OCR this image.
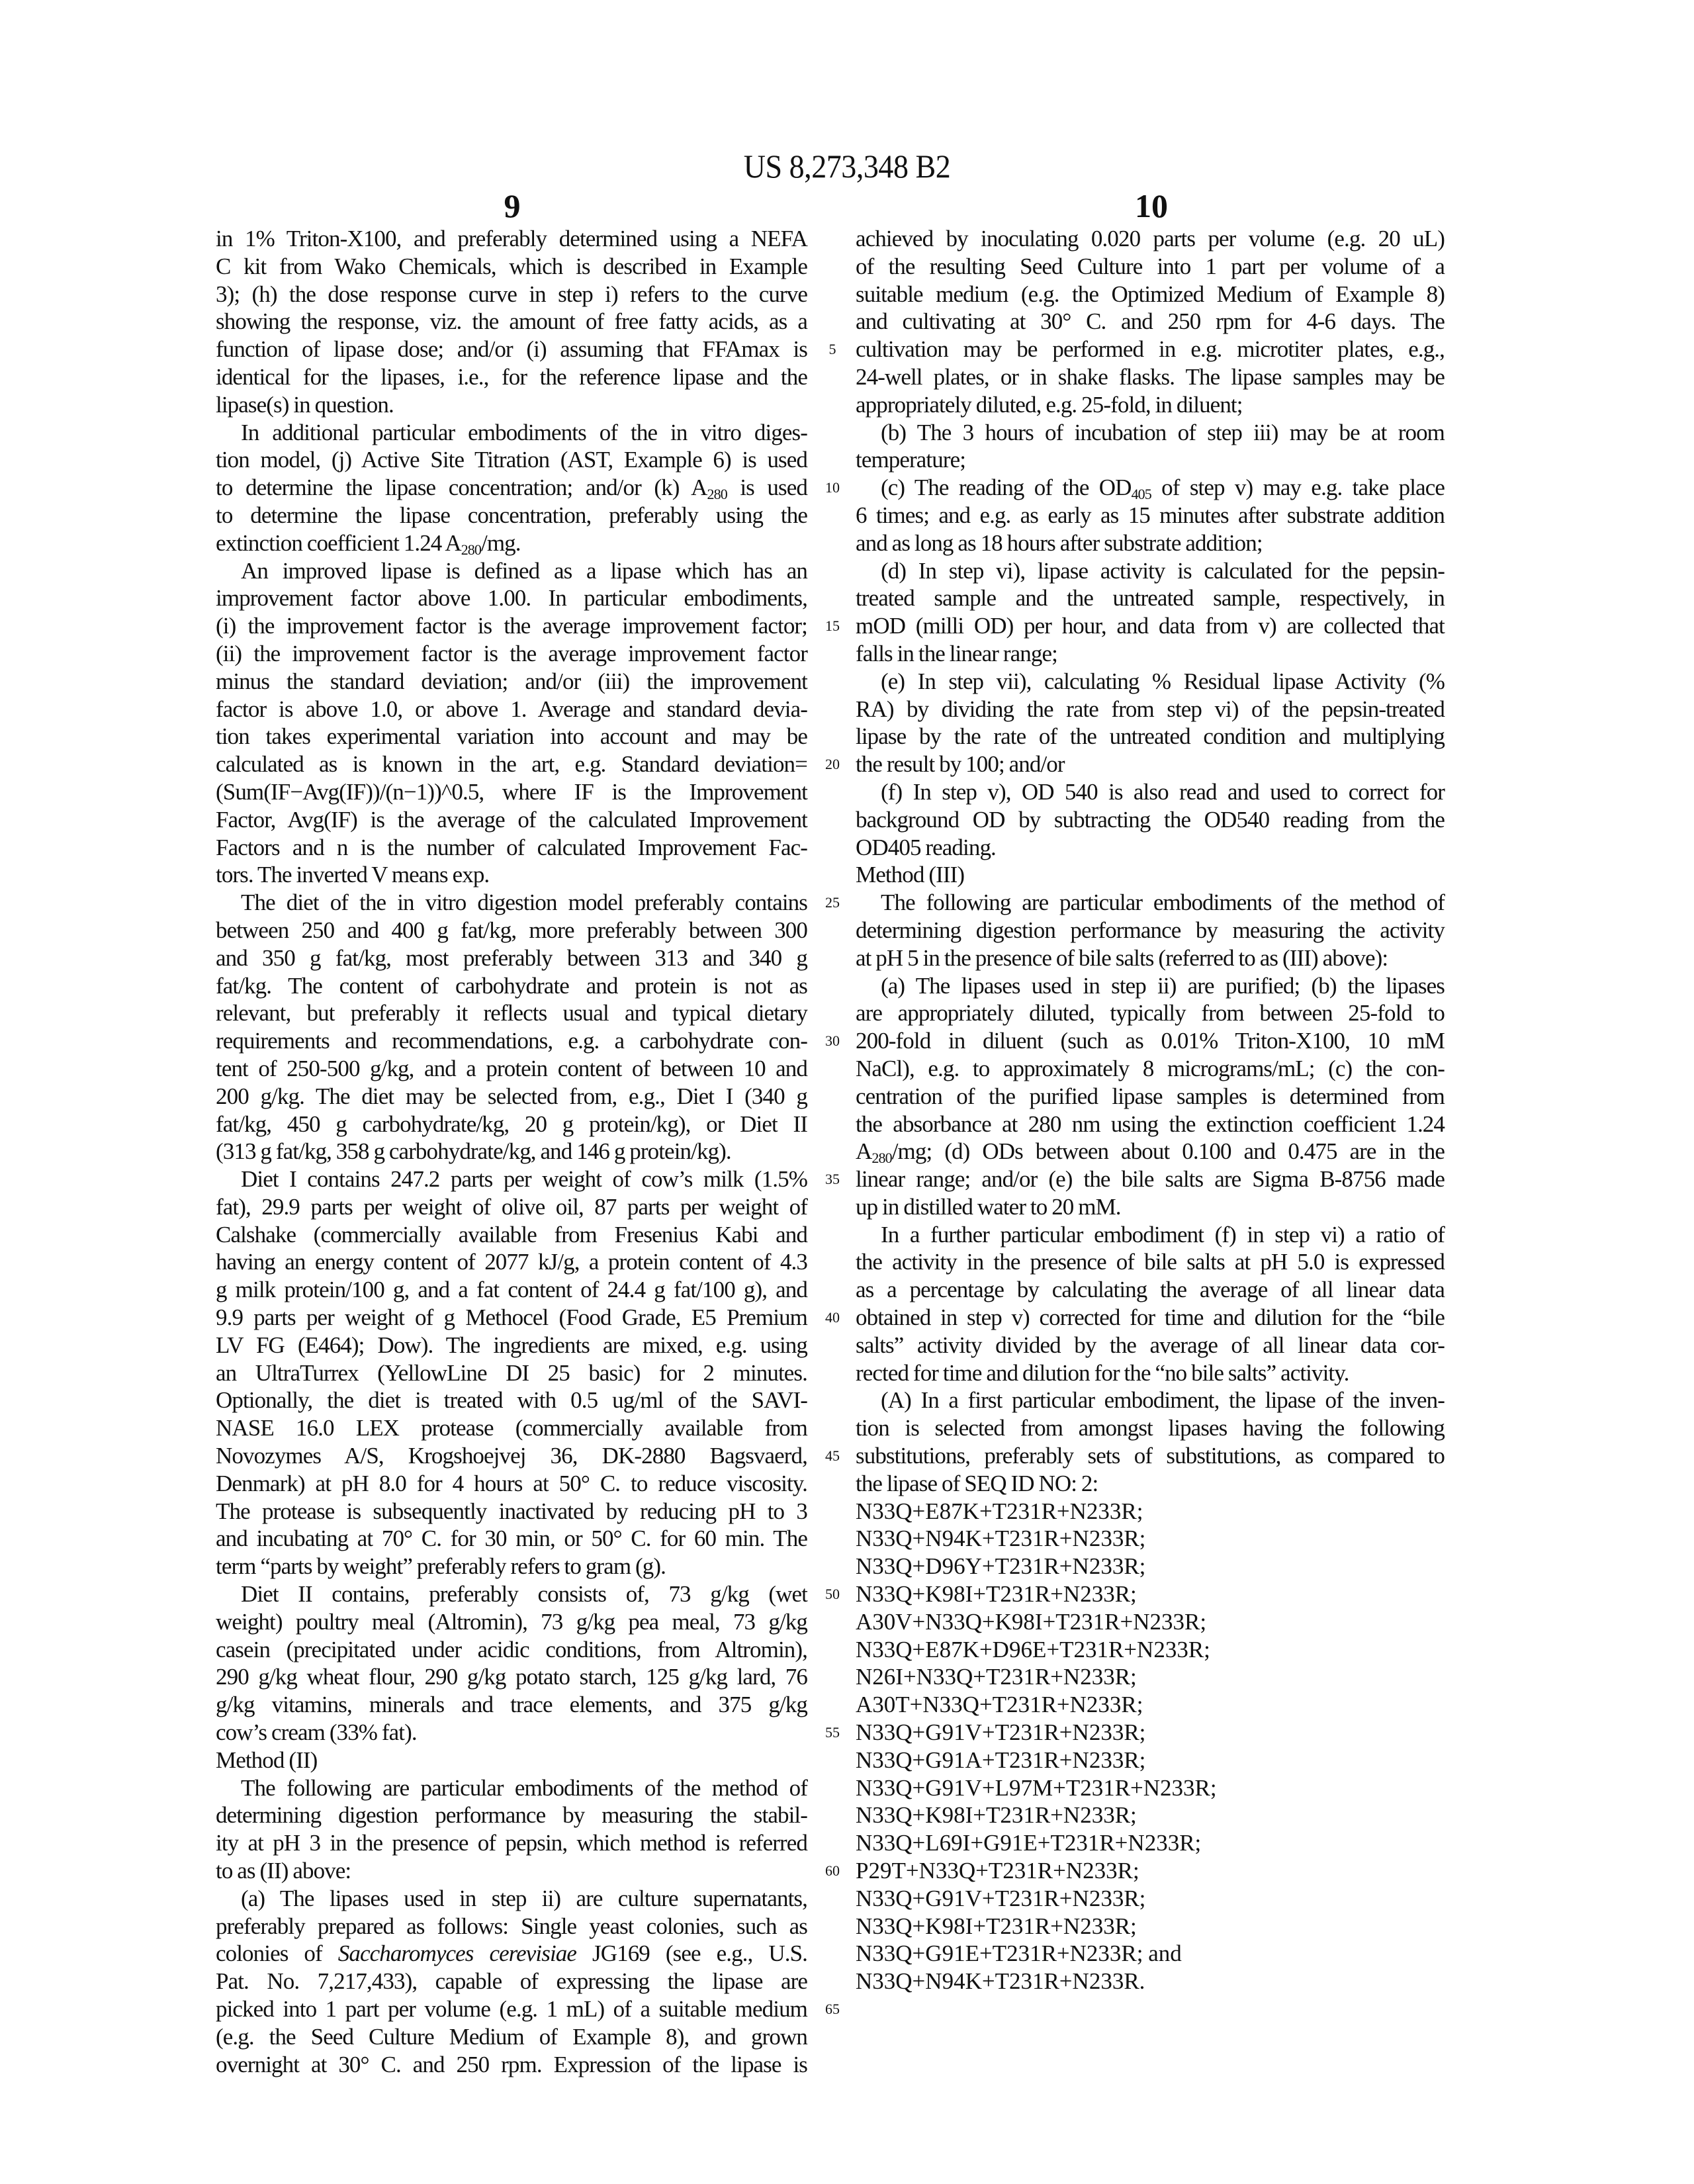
US 8,273,348 B2
9	10
in 1% Triton-X100, and preferably determined using a NEFA
C kit from Wako Chemicals, which is described in Example
3); (h) the dose response curve in step i) refers to the curve
showing the response, viz. the amount of free fatty acids, as a
function of lipase dose; and/or (i) assuming that FFAmax is
identical for the lipases, i.e., for the reference lipase and the
lipase(s) in question.
In additional particular embodiments of the in vitro diges-
tion model, (j) Active Site Titration (AST, Example 6) is used
to determine the lipase concentration; and/or (k) $A_{280}$ is used
to determine the lipase concentration, preferably using the
extinction coefficient 1.24 $A_{280}/mg$.
An improved lipase is defined as a lipase which has an
improvement factor above 1.00. In particular embodiments,
(i) the improvement factor is the average improvement factor;
(ii) the improvement factor is the average improvement factor
minus the standard deviation; and/or (iii) the improvement
factor is above 1.0, or above 1. Average and standard devia-
tion takes experimental variation into account and may be
calculated as is known in the art, e.g. Standard deviation=
(Sum(IF−Avg(IF))/(n−1))^0.5, where IF is the Improvement
Factor, Avg(IF) is the average of the calculated Improvement
Factors and n is the number of calculated Improvement Fac-
tors. The inverted V means exp.
The diet of the in vitro digestion model preferably contains
between 250 and 400 g fat/kg, more preferably between 300
and 350 g fat/kg, most preferably between 313 and 340 g
fat/kg. The content of carbohydrate and protein is not as
relevant, but preferably it reflects usual and typical dietary
requirements and recommendations, e.g. a carbohydrate con-
tent of 250-500 g/kg, and a protein content of between 10 and
200 g/kg. The diet may be selected from, e.g., Diet I (340 g
fat/kg, 450 g carbohydrate/kg, 20 g protein/kg), or Diet II
(313 g fat/kg, 358 g carbohydrate/kg, and 146 g protein/kg).
Diet I contains 247.2 parts per weight of cow’s milk (1.5%
fat), 29.9 parts per weight of olive oil, 87 parts per weight of
Calshake (commercially available from Fresenius Kabi and
having an energy content of 2077 kJ/g, a protein content of 4.3
g milk protein/100 g, and a fat content of 24.4 g fat/100 g), and
9.9 parts per weight of g Methocel (Food Grade, E5 Premium
LV FG (E464); Dow). The ingredients are mixed, e.g. using
an UltraTurrex (YellowLine DI 25 basic) for 2 minutes.
Optionally, the diet is treated with 0.5 ug/ml of the SAVI-
NASE 16.0 LEX protease (commercially available from
Novozymes A/S, Krogshoejvej 36, DK-2880 Bagsvaerd,
Denmark) at pH 8.0 for 4 hours at 50° C. to reduce viscosity.
The protease is subsequently inactivated by reducing pH to 3
and incubating at 70° C. for 30 min, or 50° C. for 60 min. The
term “parts by weight” preferably refers to gram (g).
Diet II contains, preferably consists of, 73 g/kg (wet
weight) poultry meal (Altromin), 73 g/kg pea meal, 73 g/kg
casein (precipitated under acidic conditions, from Altromin),
290 g/kg wheat flour, 290 g/kg potato starch, 125 g/kg lard, 76
g/kg vitamins, minerals and trace elements, and 375 g/kg
cow’s cream (33% fat).
Method (II)
The following are particular embodiments of the method of
determining digestion performance by measuring the stabil-
ity at pH 3 in the presence of pepsin, which method is referred
to as (II) above:
(a) The lipases used in step ii) are culture supernatants,
preferably prepared as follows: Single yeast colonies, such as
colonies of Saccharomyces cerevisiae JG169 (see e.g., U.S.
Pat. No. 7,217,433), capable of expressing the lipase are
picked into 1 part per volume (e.g. 1 mL) of a suitable medium
(e.g. the Seed Culture Medium of Example 8), and grown
overnight at 30° C. and 250 rpm. Expression of the lipase is
achieved by inoculating 0.020 parts per volume (e.g. 20 uL)
of the resulting Seed Culture into 1 part per volume of a
suitable medium (e.g. the Optimized Medium of Example 8)
and cultivating at 30° C. and 250 rpm for 4-6 days. The
cultivation may be performed in e.g. microtiter plates, e.g.,
24-well plates, or in shake flasks. The lipase samples may be
appropriately diluted, e.g. 25-fold, in diluent;
(b) The 3 hours of incubation of step iii) may be at room
temperature;
(c) The reading of the $OD_{405}$ of step v) may e.g. take place
6 times; and e.g. as early as 15 minutes after substrate addition
and as long as 18 hours after substrate addition;
(d) In step vi), lipase activity is calculated for the pepsin-
treated sample and the untreated sample, respectively, in
mOD (milli OD) per hour, and data from v) are collected that
falls in the linear range;
(e) In step vii), calculating % Residual lipase Activity (%
RA) by dividing the rate from step vi) of the pepsin-treated
lipase by the rate of the untreated condition and multiplying
the result by 100; and/or
(f) In step v), OD 540 is also read and used to correct for
background OD by subtracting the OD540 reading from the
OD405 reading.
Method (III)
The following are particular embodiments of the method of
determining digestion performance by measuring the activity
at pH 5 in the presence of bile salts (referred to as (III) above):
(a) The lipases used in step ii) are purified; (b) the lipases
are appropriately diluted, typically from between 25-fold to
200-fold in diluent (such as 0.01% Triton-X100, 10 mM
NaCl), e.g. to approximately 8 micrograms/mL; (c) the con-
centration of the purified lipase samples is determined from
the absorbance at 280 nm using the extinction coefficient 1.24
$A_{280}/mg$; (d) ODs between about 0.100 and 0.475 are in the
linear range; and/or (e) the bile salts are Sigma B-8756 made
up in distilled water to 20 mM.
In a further particular embodiment (f) in step vi) a ratio of
the activity in the presence of bile salts at pH 5.0 is expressed
as a percentage by calculating the average of all linear data
obtained in step v) corrected for time and dilution for the “bile
salts” activity divided by the average of all linear data cor-
rected for time and dilution for the “no bile salts” activity.
(A) In a first particular embodiment, the lipase of the inven-
tion is selected from amongst lipases having the following
substitutions, preferably sets of substitutions, as compared to
the lipase of SEQ ID NO: 2:
N33Q+E87K+T231R+N233R;
N33Q+N94K+T231R+N233R;
N33Q+D96Y+T231R+N233R;
N33Q+K98I+T231R+N233R;
A30V+N33Q+K98I+T231R+N233R;
N33Q+E87K+D96E+T231R+N233R;
N26I+N33Q+T231R+N233R;
A30T+N33Q+T231R+N233R;
N33Q+G91V+T231R+N233R;
N33Q+G91A+T231R+N233R;
N33Q+G91V+L97M+T231R+N233R;
N33Q+K98I+T231R+N233R;
N33Q+L69I+G91E+T231R+N233R;
P29T+N33Q+T231R+N233R;
N33Q+G91V+T231R+N233R;
N33Q+K98I+T231R+N233R;
N33Q+G91E+T231R+N233R; and
N33Q+N94K+T231R+N233R.
5
10
15
20
25
30
35
40
45
50
55
60
65
